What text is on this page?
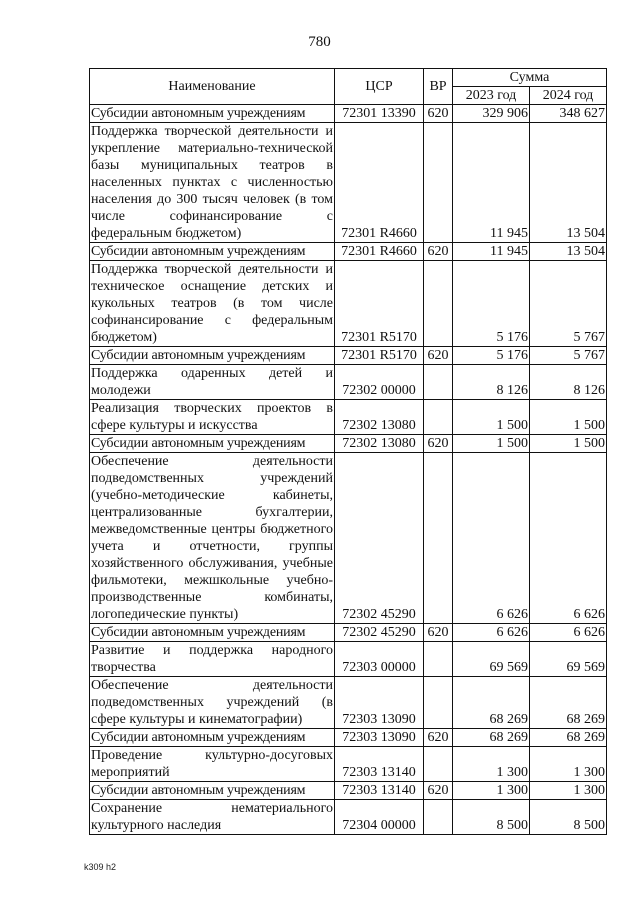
780
Наименование	ЦСР	ВР	Сумма	
			2023 год	2024 год
Субсидии автономным учреждениям	72301 13390	620	329 906	348 627
Поддержка творческой деятельности и укрепление материально-технической базы муниципальных театров в населенных пунктах с численностью населения до 300 тысяч человек (в том числе софинансирование с федеральным бюджетом)	72301 R4660		11 945	13 504
Субсидии автономным учреждениям	72301 R4660	620	11 945	13 504
Поддержка творческой деятельности и техническое оснащение детских и кукольных театров (в том числе софинансирование с федеральным бюджетом)	72301 R5170		5 176	5 767
Субсидии автономным учреждениям	72301 R5170	620	5 176	5 767
Поддержка одаренных детей и молодежи	72302 00000		8 126	8 126
Реализация творческих проектов в сфере культуры и искусства	72302 13080		1 500	1 500
Субсидии автономным учреждениям	72302 13080	620	1 500	1 500
Обеспечение деятельности подведомственных учреждений (учебно-методические кабинеты, централизованные бухгалтерии, межведомственные центры бюджетного учета и отчетности, группы хозяйственного обслуживания, учебные фильмотеки, межшкольные учебно-производственные комбинаты, логопедические пункты)	72302 45290		6 626	6 626
Субсидии автономным учреждениям	72302 45290	620	6 626	6 626
Развитие и поддержка народного творчества	72303 00000		69 569	69 569
Обеспечение деятельности подведомственных учреждений (в сфере культуры и кинематографии)	72303 13090		68 269	68 269
Субсидии автономным учреждениям	72303 13090	620	68 269	68 269
Проведение культурно-досуговых мероприятий	72303 13140		1 300	1 300
Субсидии автономным учреждениям	72303 13140	620	1 300	1 300
Сохранение нематериального культурного наследия	72304 00000		8 500	8 500
k309 h2
